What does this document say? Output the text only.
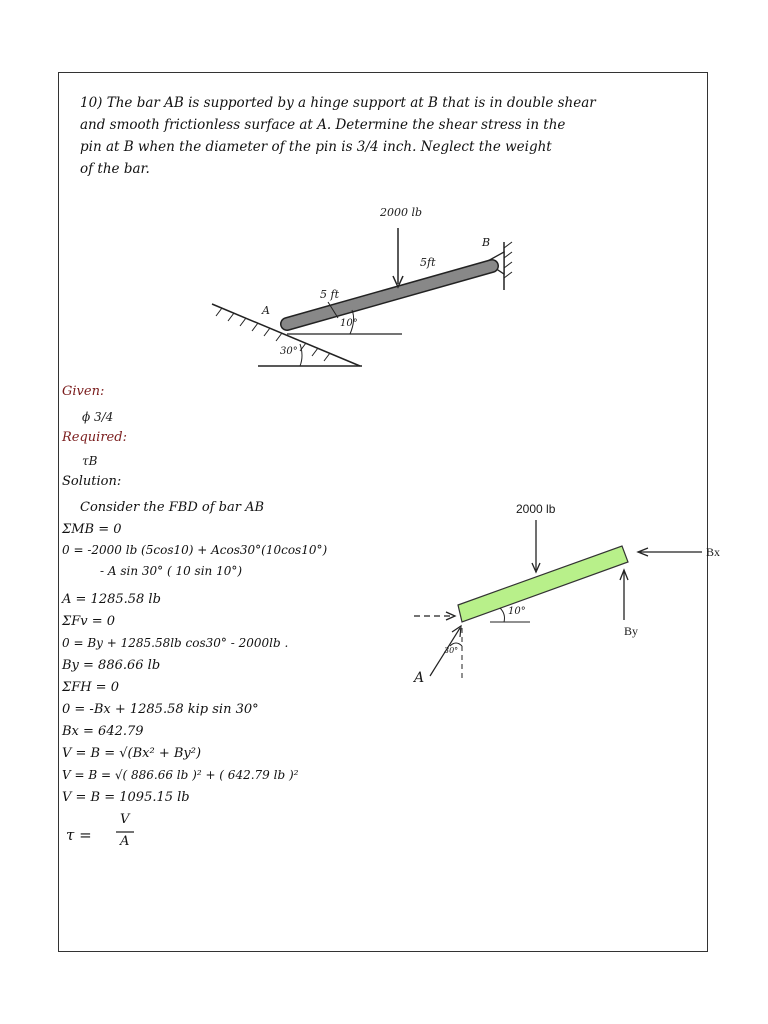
10) The bar AB is supported by a hinge support at B that is in double shear
and smooth frictionless surface at A. Determine the shear stress in the
pin at B when the diameter of the pin is 3/4 inch. Neglect the weight
of the bar.
2000 lb
B
5ft
5 ft
A
10°
30°
Given:
ϕ 3/4
Required:
τB
Solution:
Consider the FBD of bar AB
ΣMB = 0
0 = -2000 lb (5cos10) + Acos30°(10cos10°)
- A sin 30° ( 10 sin 10°)
A = 1285.58 lb
ΣFv = 0
0 = By + 1285.58lb cos30° - 2000lb .
By = 886.66 lb
ΣFH = 0
0 = -Bx + 1285.58 kip sin 30°
Bx = 642.79
V = B = √(Bx² + By²)
V = B = √( 886.66 lb )² + ( 642.79 lb )²
V = B = 1095.15 lb
τ =
V
A
2000 lb
Bx
By
A
10°
30°
